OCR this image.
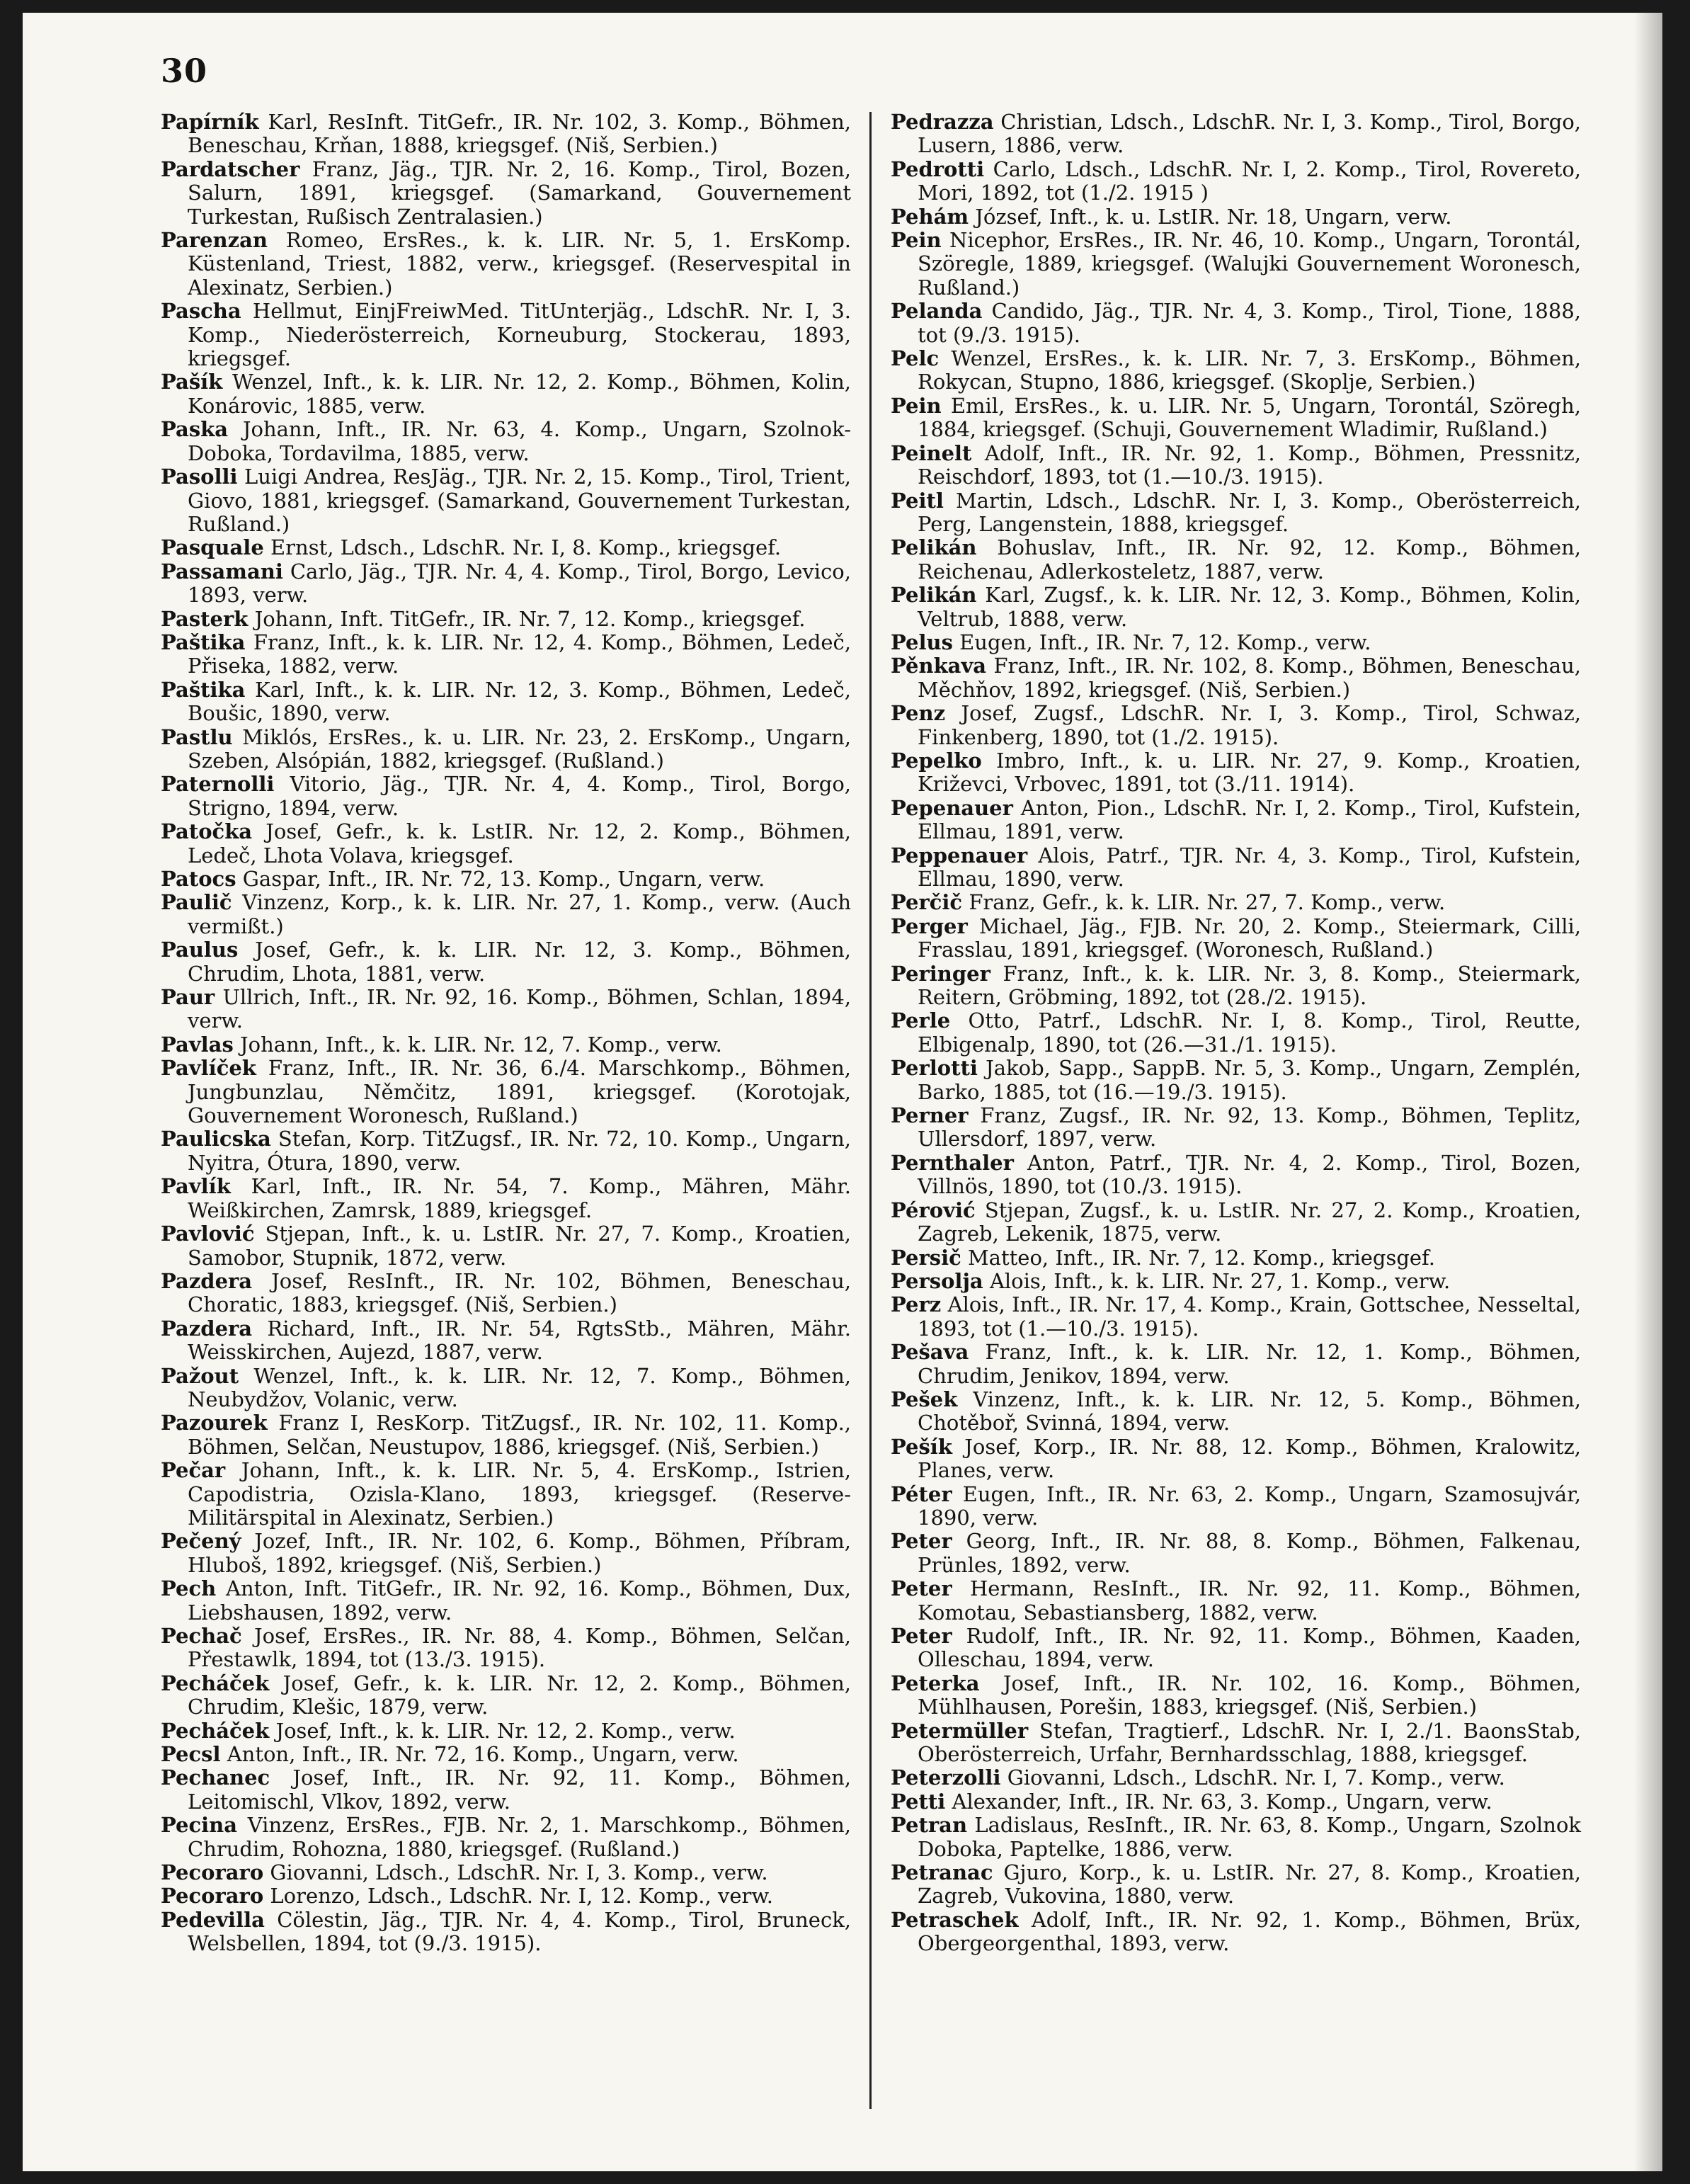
30

Papírník Karl, ResInft. TitGefr., IR. Nr. 102, 3. Komp., Böhmen, Beneschau, Krňan, 1888, kriegsgef. (Niš, Serbien.)

Pardatscher Franz, Jäg., TJR. Nr. 2, 16. Komp., Tirol, Bozen, Salurn, 1891, kriegsgef. (Samarkand, Gouvernement Turkestan, Rußisch Zentralasien.)

Parenzan Romeo, ErsRes., k. k. LIR. Nr. 5, 1. ErsKomp. Küstenland, Triest, 1882, verw., kriegsgef. (Reservespital in Alexinatz, Serbien.)

Pascha Hellmut, EinjFreiwMed. TitUnterjäg., LdschR. Nr. I, 3. Komp., Niederösterreich, Korneuburg, Stockerau, 1893, kriegsgef.

Pašík Wenzel, Inft., k. k. LIR. Nr. 12, 2. Komp., Böhmen, Kolin, Konárovic, 1885, verw.

Paska Johann, Inft., IR. Nr. 63, 4. Komp., Ungarn, Szolnok-Doboka, Tordavilma, 1885, verw.

Pasolli Luigi Andrea, ResJäg., TJR. Nr. 2, 15. Komp., Tirol, Trient, Giovo, 1881, kriegsgef. (Samarkand, Gouvernement Turkestan, Rußland.)

Pasquale Ernst, Ldsch., LdschR. Nr. I, 8. Komp., kriegsgef.

Passamani Carlo, Jäg., TJR. Nr. 4, 4. Komp., Tirol, Borgo, Levico, 1893, verw.

Pasterk Johann, Inft. TitGefr., IR. Nr. 7, 12. Komp., kriegsgef.

Paštika Franz, Inft., k. k. LIR. Nr. 12, 4. Komp., Böhmen, Ledeč, Přiseka, 1882, verw.

Paštika Karl, Inft., k. k. LIR. Nr. 12, 3. Komp., Böhmen, Ledeč, Boušic, 1890, verw.

Pastlu Miklós, ErsRes., k. u. LIR. Nr. 23, 2. ErsKomp., Ungarn, Szeben, Alsópián, 1882, kriegsgef. (Rußland.)

Paternolli Vitorio, Jäg., TJR. Nr. 4, 4. Komp., Tirol, Borgo, Strigno, 1894, verw.

Patočka Josef, Gefr., k. k. LstIR. Nr. 12, 2. Komp., Böhmen, Ledeč, Lhota Volava, kriegsgef.

Patocs Gaspar, Inft., IR. Nr. 72, 13. Komp., Ungarn, verw.

Paulič Vinzenz, Korp., k. k. LIR. Nr. 27, 1. Komp., verw. (Auch vermißt.)

Paulus Josef, Gefr., k. k. LIR. Nr. 12, 3. Komp., Böhmen, Chrudim, Lhota, 1881, verw.

Paur Ullrich, Inft., IR. Nr. 92, 16. Komp., Böhmen, Schlan, 1894, verw.

Pavlas Johann, Inft., k. k. LIR. Nr. 12, 7. Komp., verw.

Pavlíček Franz, Inft., IR. Nr. 36, 6./4. Marschkomp., Böhmen, Jungbunzlau, Němčitz, 1891, kriegsgef. (Korotojak, Gouvernement Woronesch, Rußland.)

Paulicska Stefan, Korp. TitZugsf., IR. Nr. 72, 10. Komp., Ungarn, Nyitra, Ótura, 1890, verw.

Pavlík Karl, Inft., IR. Nr. 54, 7. Komp., Mähren, Mähr. Weißkirchen, Zamrsk, 1889, kriegsgef.

Pavlović Stjepan, Inft., k. u. LstIR. Nr. 27, 7. Komp., Kroatien, Samobor, Stupnik, 1872, verw.

Pazdera Josef, ResInft., IR. Nr. 102, Böhmen, Beneschau, Choratic, 1883, kriegsgef. (Niš, Serbien.)

Pazdera Richard, Inft., IR. Nr. 54, RgtsStb., Mähren, Mähr. Weisskirchen, Aujezd, 1887, verw.

Pažout Wenzel, Inft., k. k. LIR. Nr. 12, 7. Komp., Böhmen, Neubydžov, Volanic, verw.

Pazourek Franz I, ResKorp. TitZugsf., IR. Nr. 102, 11. Komp., Böhmen, Selčan, Neustupov, 1886, kriegsgef. (Niš, Serbien.)

Pečar Johann, Inft., k. k. LIR. Nr. 5, 4. ErsKomp., Istrien, Capodistria, Ozisla-Klano, 1893, kriegsgef. (Reserve-Militärspital in Alexinatz, Serbien.)

Pečený Jozef, Inft., IR. Nr. 102, 6. Komp., Böhmen, Příbram, Hluboš, 1892, kriegsgef. (Niš, Serbien.)

Pech Anton, Inft. TitGefr., IR. Nr. 92, 16. Komp., Böhmen, Dux, Liebshausen, 1892, verw.

Pechač Josef, ErsRes., IR. Nr. 88, 4. Komp., Böhmen, Selčan, Přestawlk, 1894, tot (13./3. 1915).

Pecháček Josef, Gefr., k. k. LIR. Nr. 12, 2. Komp., Böhmen, Chrudim, Klešic, 1879, verw.

Pecháček Josef, Inft., k. k. LIR. Nr. 12, 2. Komp., verw.

Pecsl Anton, Inft., IR. Nr. 72, 16. Komp., Ungarn, verw.

Pechanec Josef, Inft., IR. Nr. 92, 11. Komp., Böhmen, Leitomischl, Vlkov, 1892, verw.

Pecina Vinzenz, ErsRes., FJB. Nr. 2, 1. Marschkomp., Böhmen, Chrudim, Rohozna, 1880, kriegsgef. (Rußland.)

Pecoraro Giovanni, Ldsch., LdschR. Nr. I, 3. Komp., verw.

Pecoraro Lorenzo, Ldsch., LdschR. Nr. I, 12. Komp., verw.

Pedevilla Cölestin, Jäg., TJR. Nr. 4, 4. Komp., Tirol, Bruneck, Welsbellen, 1894, tot (9./3. 1915).

Pedrazza Christian, Ldsch., LdschR. Nr. I, 3. Komp., Tirol, Borgo, Lusern, 1886, verw.

Pedrotti Carlo, Ldsch., LdschR. Nr. I, 2. Komp., Tirol, Rovereto, Mori, 1892, tot (1./2. 1915 )

Pehám József, Inft., k. u. LstIR. Nr. 18, Ungarn, verw.

Pein Nicephor, ErsRes., IR. Nr. 46, 10. Komp., Ungarn, Torontál, Szöregle, 1889, kriegsgef. (Walujki Gouvernement Woronesch, Rußland.)

Pelanda Candido, Jäg., TJR. Nr. 4, 3. Komp., Tirol, Tione, 1888, tot (9./3. 1915).

Pelc Wenzel, ErsRes., k. k. LIR. Nr. 7, 3. ErsKomp., Böhmen, Rokycan, Stupno, 1886, kriegsgef. (Skoplje, Serbien.)

Pein Emil, ErsRes., k. u. LIR. Nr. 5, Ungarn, Torontál, Szöregh, 1884, kriegsgef. (Schuji, Gouvernement Wladimir, Rußland.)

Peinelt Adolf, Inft., IR. Nr. 92, 1. Komp., Böhmen, Pressnitz, Reischdorf, 1893, tot (1.—10./3. 1915).

Peitl Martin, Ldsch., LdschR. Nr. I, 3. Komp., Oberösterreich, Perg, Langenstein, 1888, kriegsgef.

Pelikán Bohuslav, Inft., IR. Nr. 92, 12. Komp., Böhmen, Reichenau, Adlerkosteletz, 1887, verw.

Pelikán Karl, Zugsf., k. k. LIR. Nr. 12, 3. Komp., Böhmen, Kolin, Veltrub, 1888, verw.

Pelus Eugen, Inft., IR. Nr. 7, 12. Komp., verw.

Pěnkava Franz, Inft., IR. Nr. 102, 8. Komp., Böhmen, Beneschau, Měchňov, 1892, kriegsgef. (Niš, Serbien.)

Penz Josef, Zugsf., LdschR. Nr. I, 3. Komp., Tirol, Schwaz, Finkenberg, 1890, tot (1./2. 1915).

Pepelko Imbro, Inft., k. u. LIR. Nr. 27, 9. Komp., Kroatien, Križevci, Vrbovec, 1891, tot (3./11. 1914).

Pepenauer Anton, Pion., LdschR. Nr. I, 2. Komp., Tirol, Kufstein, Ellmau, 1891, verw.

Peppenauer Alois, Patrf., TJR. Nr. 4, 3. Komp., Tirol, Kufstein, Ellmau, 1890, verw.

Perčič Franz, Gefr., k. k. LIR. Nr. 27, 7. Komp., verw.

Perger Michael, Jäg., FJB. Nr. 20, 2. Komp., Steiermark, Cilli, Frasslau, 1891, kriegsgef. (Woronesch, Rußland.)

Peringer Franz, Inft., k. k. LIR. Nr. 3, 8. Komp., Steiermark, Reitern, Gröbming, 1892, tot (28./2. 1915).

Perle Otto, Patrf., LdschR. Nr. I, 8. Komp., Tirol, Reutte, Elbigenalp, 1890, tot (26.—31./1. 1915).

Perlotti Jakob, Sapp., SappB. Nr. 5, 3. Komp., Ungarn, Zemplén, Barko, 1885, tot (16.—19./3. 1915).

Perner Franz, Zugsf., IR. Nr. 92, 13. Komp., Böhmen, Teplitz, Ullersdorf, 1897, verw.

Pernthaler Anton, Patrf., TJR. Nr. 4, 2. Komp., Tirol, Bozen, Villnös, 1890, tot (10./3. 1915).

Pérović Stjepan, Zugsf., k. u. LstIR. Nr. 27, 2. Komp., Kroatien, Zagreb, Lekenik, 1875, verw.

Persič Matteo, Inft., IR. Nr. 7, 12. Komp., kriegsgef.

Persolja Alois, Inft., k. k. LIR. Nr. 27, 1. Komp., verw.

Perz Alois, Inft., IR. Nr. 17, 4. Komp., Krain, Gottschee, Nesseltal, 1893, tot (1.—10./3. 1915).

Pešava Franz, Inft., k. k. LIR. Nr. 12, 1. Komp., Böhmen, Chrudim, Jenikov, 1894, verw.

Pešek Vinzenz, Inft., k. k. LIR. Nr. 12, 5. Komp., Böhmen, Chotěboř, Svinná, 1894, verw.

Pešík Josef, Korp., IR. Nr. 88, 12. Komp., Böhmen, Kralowitz, Planes, verw.

Péter Eugen, Inft., IR. Nr. 63, 2. Komp., Ungarn, Szamosujvár, 1890, verw.

Peter Georg, Inft., IR. Nr. 88, 8. Komp., Böhmen, Falkenau, Prünles, 1892, verw.

Peter Hermann, ResInft., IR. Nr. 92, 11. Komp., Böhmen, Komotau, Sebastiansberg, 1882, verw.

Peter Rudolf, Inft., IR. Nr. 92, 11. Komp., Böhmen, Kaaden, Olleschau, 1894, verw.

Peterka Josef, Inft., IR. Nr. 102, 16. Komp., Böhmen, Mühlhausen, Porešin, 1883, kriegsgef. (Niš, Serbien.)

Petermüller Stefan, Tragtierf., LdschR. Nr. I, 2./1. BaonsStab, Oberösterreich, Urfahr, Bernhardsschlag, 1888, kriegsgef.

Peterzolli Giovanni, Ldsch., LdschR. Nr. I, 7. Komp., verw.

Petti Alexander, Inft., IR. Nr. 63, 3. Komp., Ungarn, verw.

Petran Ladislaus, ResInft., IR. Nr. 63, 8. Komp., Ungarn, Szolnok Doboka, Paptelke, 1886, verw.

Petranac Gjuro, Korp., k. u. LstIR. Nr. 27, 8. Komp., Kroatien, Zagreb, Vukovina, 1880, verw.

Petraschek Adolf, Inft., IR. Nr. 92, 1. Komp., Böhmen, Brüx, Obergeorgenthal, 1893, verw.
